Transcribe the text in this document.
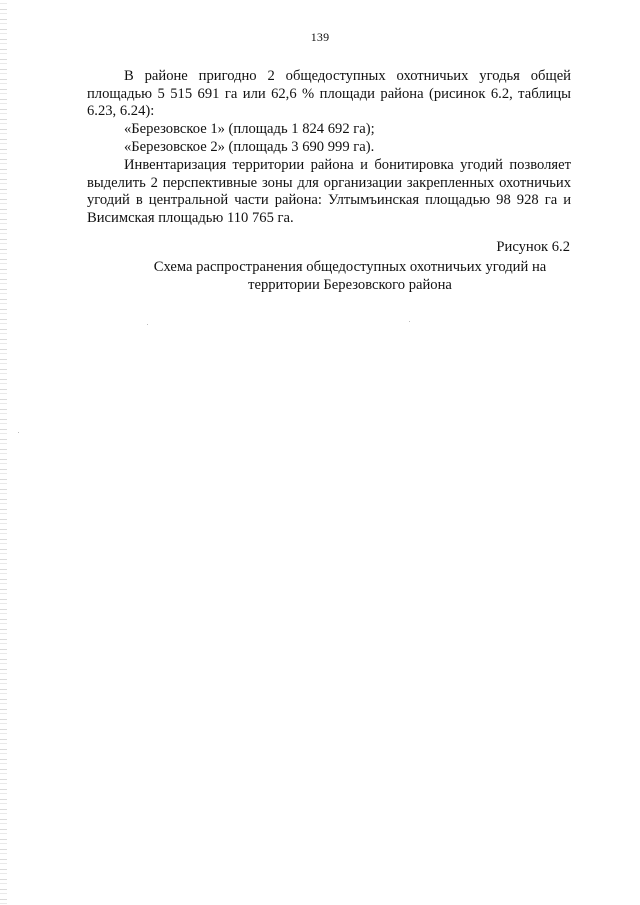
139
В районе пригодно 2 общедоступных охотничьих угодья общей площадью 5 515 691 га или 62,6 % площади района (рисинок 6.2, таблицы 6.23, 6.24):
«Березовское 1» (площадь 1 824 692 га);
«Березовское 2» (площадь 3 690 999 га).
Инвентаризация территории района и бонитировка угодий позволяет выделить 2 перспективные зоны для организации закрепленных охотничьих угодий в центральной части района: Ултымъинская площадью 98 928 га и Висимская площадью 110 765 га.
Рисунок 6.2
Схема распространения общедоступных охотничьих угодий на
территории Березовского района
